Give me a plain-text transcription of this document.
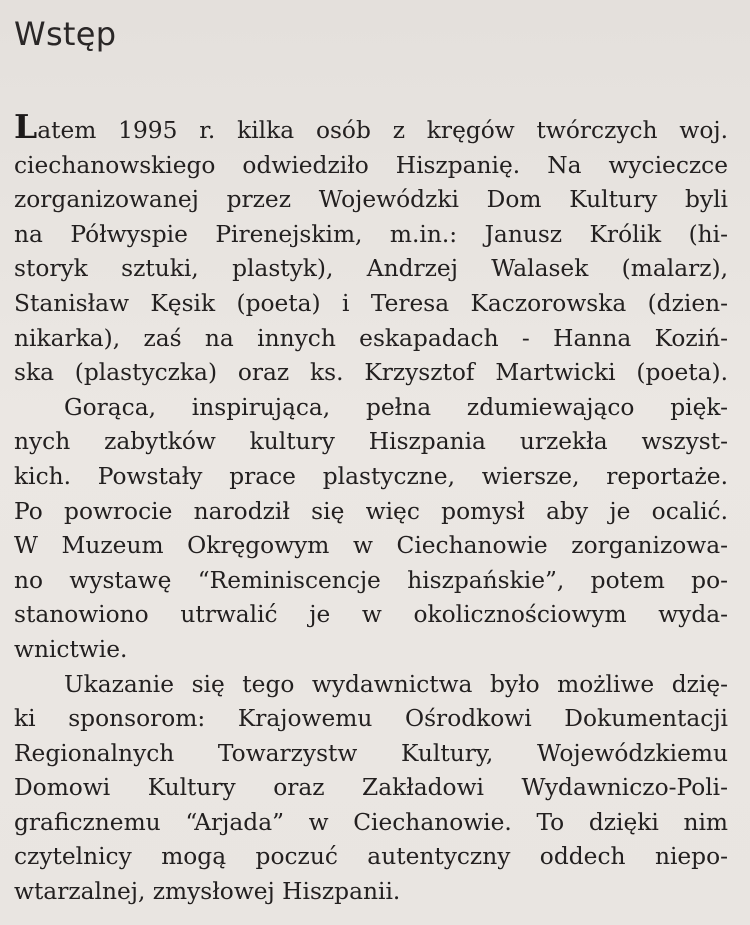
Wstęp
Latem 1995 r. kilka osób z kręgów twórczych woj.
ciechanowskiego odwiedziło Hiszpanię. Na wycieczce
zorganizowanej przez Wojewódzki Dom Kultury byli
na Półwyspie Pirenejskim, m.in.: Janusz Królik (hi-
storyk sztuki, plastyk), Andrzej Walasek (malarz),
Stanisław Kęsik (poeta) i Teresa Kaczorowska (dzien-
nikarka), zaś na innych eskapadach - Hanna Koziń-
ska (plastyczka) oraz ks. Krzysztof Martwicki (poeta).
Gorąca, inspirująca, pełna zdumiewająco pięk-
nych zabytków kultury Hiszpania urzekła wszyst-
kich. Powstały prace plastyczne, wiersze, reportaże.
Po powrocie narodził się więc pomysł aby je ocalić.
W Muzeum Okręgowym w Ciechanowie zorganizowa-
no wystawę “Reminiscencje hiszpańskie”, potem po-
stanowiono utrwalić je w okolicznościowym wyda-
wnictwie.
Ukazanie się tego wydawnictwa było możliwe dzię-
ki sponsorom: Krajowemu Ośrodkowi Dokumentacji
Regionalnych Towarzystw Kultury, Wojewódzkiemu
Domowi Kultury oraz Zakładowi Wydawniczo-Poli-
graficznemu “Arjada” w Ciechanowie. To dzięki nim
czytelnicy mogą poczuć autentyczny oddech niepo-
wtarzalnej, zmysłowej Hiszpanii.
